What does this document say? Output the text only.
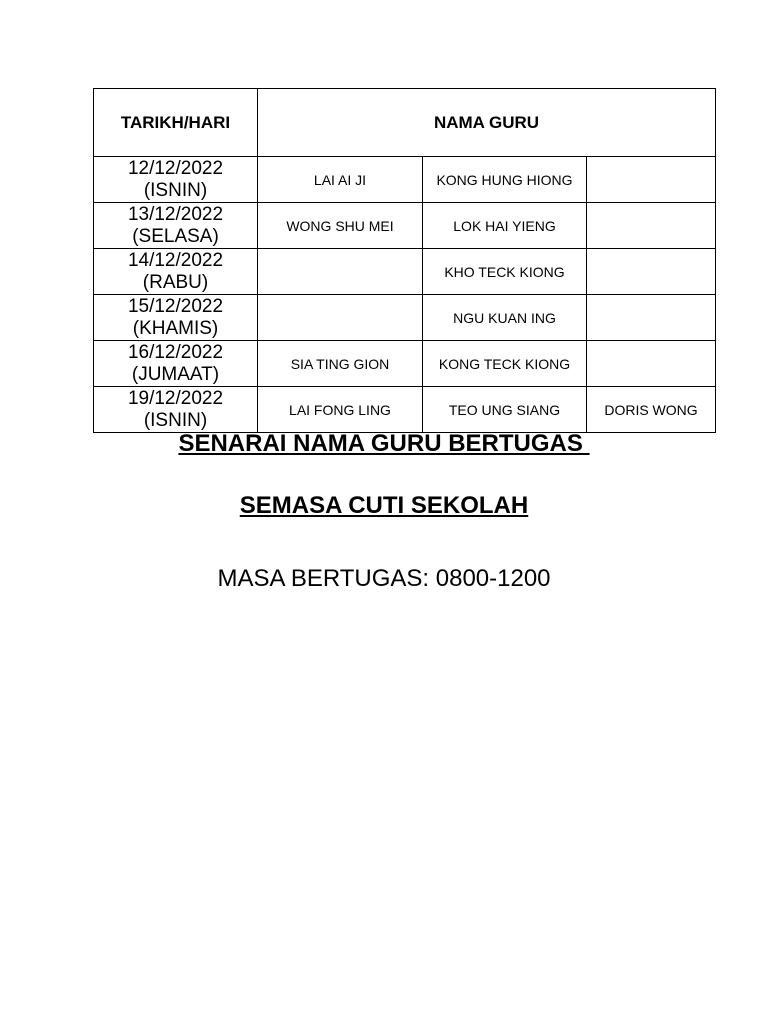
TARIKH/HARI	NAMA GURU		

12/12/2022
(ISNIN)	LAI AI JI	KONG HUNG HIONG	

13/12/2022
(SELASA)	WONG SHU MEI	LOK HAI YIENG	

14/12/2022
(RABU)		KHO TECK KIONG	

15/12/2022
(KHAMIS)		NGU KUAN ING	

16/12/2022
(JUMAAT)	SIA TING GION	KONG TECK KIONG	

19/12/2022
(ISNIN)	LAI FONG LING	TEO UNG SIANG	DORIS WONG
SENARAI NAMA GURU BERTUGAS
SEMASA CUTI SEKOLAH
MASA BERTUGAS: 0800-1200
